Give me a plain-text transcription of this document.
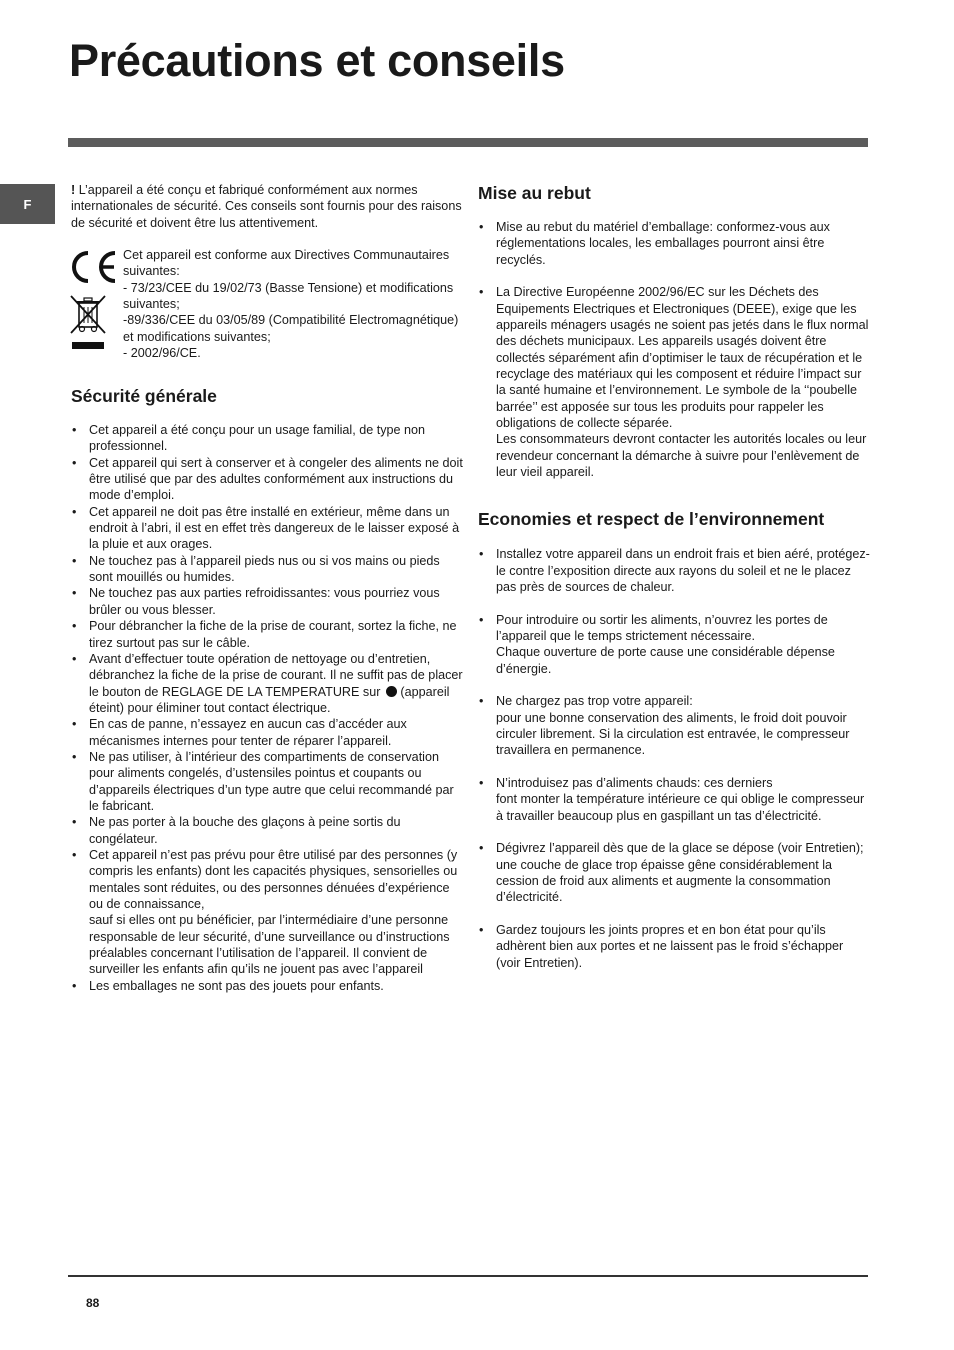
Précautions et conseils
F

! L’appareil a été conçu et fabriqué conformément aux normes internationales de sécurité. Ces conseils sont fournis pour des raisons de sécurité et doivent être lus attentivement.

Cet appareil est conforme aux Directives Communautaires suivantes:
- 73/23/CEE du 19/02/73 (Basse Tensione) et modifications suivantes;
-89/336/CEE du 03/05/89 (Compatibilité Electromagnétique) et modifications suivantes;
- 2002/96/CE.
Sécurité générale
• Cet appareil a été conçu pour un usage familial, de type non professionnel.
• Cet appareil qui sert à conserver et à congeler des aliments ne doit être utilisé que par des adultes conformément aux instructions du mode d’emploi.
• Cet appareil ne doit pas être installé en extérieur, même dans un endroit à l’abri, il est en effet très dangereux de le laisser exposé à la pluie et aux orages.
• Ne touchez pas à l’appareil pieds nus ou si vos mains ou pieds sont mouillés ou humides.
• Ne touchez pas aux parties refroidissantes: vous pourriez vous brûler ou vous blesser.
• Pour débrancher la fiche de la prise de courant, sortez la fiche, ne tirez surtout pas sur le câble.
• Avant d’effectuer toute opération de nettoyage ou d’entretien, débranchez la fiche de la prise de courant. Il ne suffit pas de placer le bouton de REGLAGE DE LA TEMPERATURE sur  (appareil éteint) pour éliminer tout contact électrique.
• En cas de panne, n’essayez en aucun cas d’accéder aux mécanismes internes pour tenter de réparer l’appareil.
• Ne pas utiliser, à l’intérieur des compartiments de conservation pour aliments congelés, d’ustensiles pointus et coupants ou d’appareils électriques d’un type autre que celui recommandé par le fabricant.
• Ne pas porter à la bouche des glaçons à peine sortis du congélateur.
• Cet appareil n’est pas prévu pour être utilisé par des personnes (y compris les enfants) dont les capacités physiques, sensorielles ou mentales sont réduites, ou des personnes dénuées d’expérience ou de connaissance,
sauf si elles ont pu bénéficier, par l’intermédiaire d’une personne responsable de leur sécurité, d’une surveillance ou d’instructions préalables concernant l’utilisation de l’appareil. Il convient de surveiller les enfants afin qu’ils ne jouent pas avec l’appareil
• Les emballages ne sont pas des jouets pour enfants.
Mise au rebut
• Mise au rebut du matériel d’emballage: conformez-vous aux réglementations locales, les emballages pourront ainsi être recyclés.
• La Directive Européenne 2002/96/EC sur les Déchets des Equipements Electriques et Electroniques (DEEE), exige que les appareils ménagers usagés ne soient pas jetés dans le flux normal des déchets municipaux. Les appareils usagés doivent être collectés séparément afin d’optimiser le taux de récupération et le recyclage des matériaux qui les composent et réduire l’impact sur la santé humaine et l’environnement. Le symbole de la ‘‘poubelle barrée’’ est apposée sur tous les produits pour rappeler les obligations de collecte séparée.
Les consommateurs devront contacter les autorités locales ou leur revendeur concernant la démarche à suivre pour l’enlèvement de leur vieil appareil.
Economies et respect de l’environnement
• Installez votre appareil dans un endroit frais et bien aéré, protégez-le contre l’exposition directe aux rayons du soleil et ne le placez pas près de sources de chaleur.
• Pour introduire ou sortir les aliments, n’ouvrez les portes de l’appareil que le temps strictement nécessaire.
Chaque ouverture de porte cause une considérable dépense d’énergie.
• Ne chargez pas trop votre appareil:
pour une bonne conservation des aliments, le froid doit pouvoir circuler librement. Si la circulation est entravée, le compresseur travaillera en permanence.
• N’introduisez pas d’aliments chauds: ces derniers
font monter la température intérieure ce qui oblige le compresseur à travailler beaucoup plus en gaspillant un tas d’électricité.
• Dégivrez l’appareil dès que de la glace se dépose (voir Entretien); une couche de glace trop épaisse gêne considérablement la cession de froid aux aliments et augmente la consommation d’électricité.
• Gardez toujours les joints propres et en bon état pour qu’ils adhèrent bien aux portes et ne laissent pas le froid s’échapper (voir Entretien).
88
